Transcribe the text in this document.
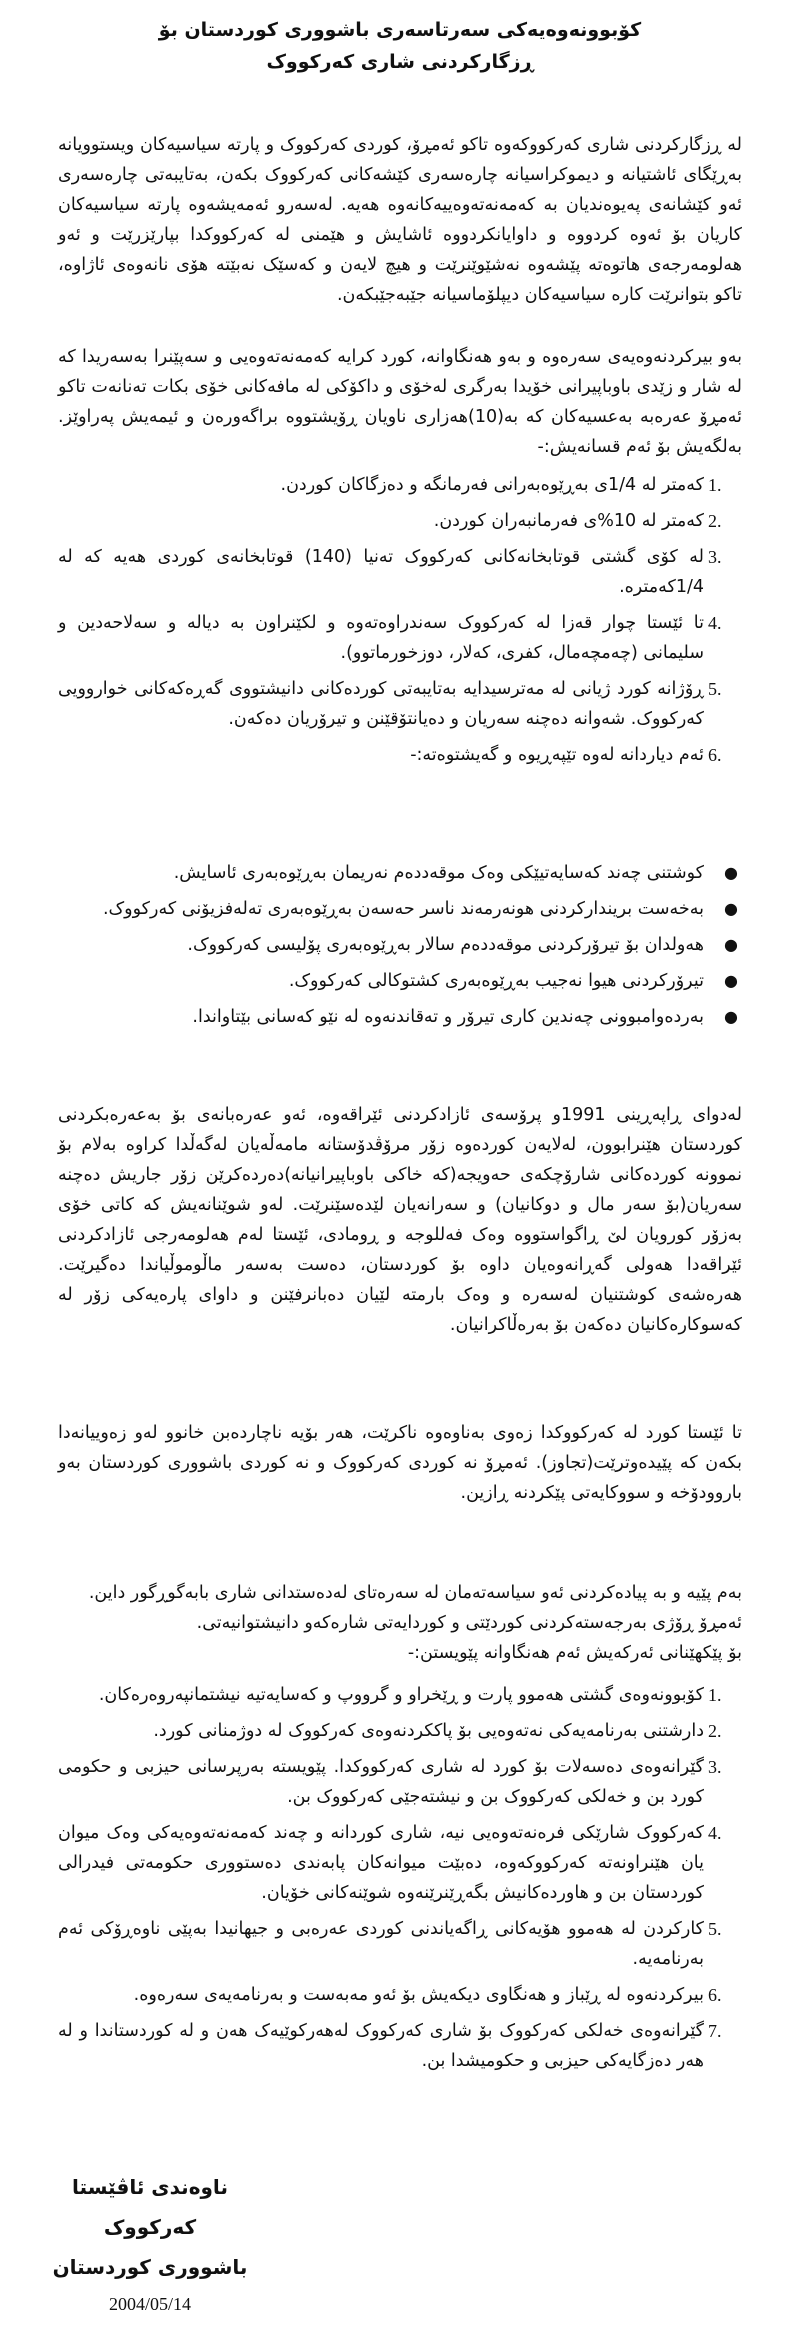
کۆبوونەوەیەکی سەرتاسەری باشووری کوردستان بۆ

ڕزگارکردنی شاری کەرکووک

لە ڕزگارکردنی شاری کەرکووکەوە تاکو ئەمڕۆ، کوردی کەرکووک و پارتە سیاسیەکان ویستوویانە بەڕێگای ئاشتیانە و دیموکراسیانە چارەسەری کێشەکانی کەرکووک بکەن، بەتایبەتی چارەسەری ئەو کێشانەی پەیوەندیان بە کەمەنەتەوەییەکانەوە هەیە. لەسەرو ئەمەیشەوە پارتە سیاسیەکان کاریان بۆ ئەوە کردووە و داوایانکردووە ئاشایش و هێمنی لە کەرکووکدا بپارێزرێت و ئەو هەلومەرجەی هاتوەتە پێشەوە نەشێوێنرێت و هیچ لایەن و کەسێک نەبێتە هۆی نانەوەی ئاژاوە، تاکو بتوانرێت کارە سیاسیەکان دیپلۆماسیانە جێبەجێبکەن.

بەو بیرکردنەوەیەی سەرەوە و بەو هەنگاوانە، کورد کرایە کەمەنەتەوەیی و سەپێنرا بەسەریدا کە لە شار و زێدی باوباپیرانی خۆیدا بەرگری لەخۆی و داکۆکی لە مافەکانی خۆی بکات تەنانەت تاکو ئەمڕۆ عەرەبە بەعسیەکان کە بە(10)هەزاری ناویان ڕۆیشتووە براگەورەن و ئیمەیش پەراوێز. بەلگەیش بۆ ئەم قسانەیش:-

1.
کەمتر لە 1/4ی بەڕێوەبەرانی فەرمانگە و دەزگاکان کوردن.
2.
کەمتر لە 10%ی فەرمانبەران کوردن.
3.
لە کۆی گشتی قوتابخانەکانی کەرکووک تەنیا (140) قوتابخانەی کوردی هەیە کە لە 1/4کەمترە.
4.
تا ئێستا چوار قەزا لە کەرکووک سەندراوەتەوە و لکێنراون بە دیالە و سەلاحەدین و سلیمانی (چەمچەمال، کفری، کەلار، دوزخورماتوو).
5.
ڕۆژانە کورد ژیانی لە مەترسیدایە بەتایبەتی کوردەکانی دانیشتووی گەڕەکەکانی خواروویی کەرکووک. شەوانە دەچنە سەریان و دەیانتۆقێنن و تیرۆریان دەکەن.
6.
ئەم دیاردانە لەوە تێپەڕیوە و گەیشتوەتە:-
●
کوشتنی چەند کەسایەتیێکی وەک موقەددەم نەریمان بەڕێوەبەری ئاسایش.
●
بەخەست بریندارکردنی هونەرمەند ناسر حەسەن بەڕێوەبەری تەلەفزیۆنی کەرکووک.
●
هەولدان بۆ تیرۆرکردنی موقەددەم سالار بەڕێوەبەری پۆلیسی کەرکووک.
●
تیرۆرکردنی هیوا نەجیب بەڕێوەبەری کشتوکالی کەرکووک.
●
بەردەوامبوونی چەندین کاری تیرۆر و تەقاندنەوە لە نێو کەسانی بێتاواندا.

لەدوای ڕاپەڕینی 1991و پرۆسەی ئازادکردنی ئێراقەوە، ئەو عەرەبانەی بۆ بەعەرەبکردنی کوردستان هێنرابوون، لەلایەن کوردەوە زۆر مرۆڤدۆستانە مامەڵەیان لەگەڵدا کراوە بەلام بۆ نموونە کوردەکانی شارۆچکەی حەویجە(کە خاکی باوباپیرانیانە)دەردەکرێن زۆر جاریش دەچنە سەریان(بۆ سەر مال و دوکانیان) و سەرانەیان لێدەسێنرێت. لەو شوێنانەیش کە کاتی خۆی بەزۆر کورویان لێ ڕاگواستووە وەک فەللوجە و ڕومادی، ئێستا لەم هەلومەرجی ئازادکردنی ئێراقەدا هەولی گەڕانەوەیان داوە بۆ کوردستان، دەست بەسەر ماڵوموڵیاندا دەگیرێت. هەرەشەی کوشتنیان لەسەرە و وەک بارمتە لێیان دەبانرفێنن و داوای پارەیەکی زۆر لە کەسوکارەکانیان دەکەن بۆ بەرەڵاکرانیان.

تا ئێستا کورد لە کەرکووکدا زەوی بەناوەوە ناکرێت، هەر بۆیە ناچاردەبن خانوو لەو زەوییانەدا بکەن کە پێیدەوترێت(تجاوز). ئەمڕۆ نە کوردی کەرکووک و نە کوردی باشووری کوردستان بەو باروودۆخە و سووکایەتی پێکردنە ڕازین.

بەم پێیە و بە پیادەکردنی ئەو سیاسەتەمان لە سەرەتای لەدەستدانی شاری بابەگوڕگور داین.
ئەمڕۆ ڕۆژی بەرجەستەکردنی کوردێتی و کوردایەتی شارەکەو دانیشتوانیەتی.
بۆ پێکهێنانی ئەرکەیش ئەم هەنگاوانە پێویستن:-
1.
کۆبوونەوەی گشتی هەموو پارت و ڕێخراو و گرووپ و کەسایەتیە نیشتمانپەروەرەکان.
2.
دارشتنی بەرنامەیەکی نەتەوەیی بۆ پاککردنەوەی کەرکووک لە دوژمنانی کورد.
3.
گێرانەوەی دەسەلات بۆ کورد لە شاری کەرکووکدا. پێویستە بەرپرسانی حیزبی و حکومی کورد بن و خەلکی کەرکووک بن و نیشتەجێی کەرکووک بن.
4.
کەرکووک شارێکی فرەنەتەوەیی نیە، شاری کوردانە و چەند کەمەنەتەوەیەکی وەک میوان یان هێنراونەتە کەرکووکەوە، دەبێت میوانەکان پابەندی دەستووری حکومەتی فیدرالی کوردستان بن و هاوردەکانیش بگەڕێنرێنەوە شوێنەکانی خۆیان.
5.
کارکردن لە هەموو هۆیەکانی ڕاگەیاندنی کوردی عەرەبی و جیهانیدا بەپێی ناوەڕۆکی ئەم بەرنامەیە.
6.
بیرکردنەوە لە ڕێباز و هەنگاوی دیکەیش بۆ ئەو مەبەست و بەرنامەیەی سەرەوە.
7.
گێرانەوەی خەلکی کەرکووک بۆ شاری کەرکووک لەهەرکوێیەک هەن و لە کوردستاندا و لە هەر دەزگایەکی حیزبی و حکومیشدا بن.
ناوەندی ئاڤێستا
کەرکووک
باشووری کوردستان
2004/05/14
